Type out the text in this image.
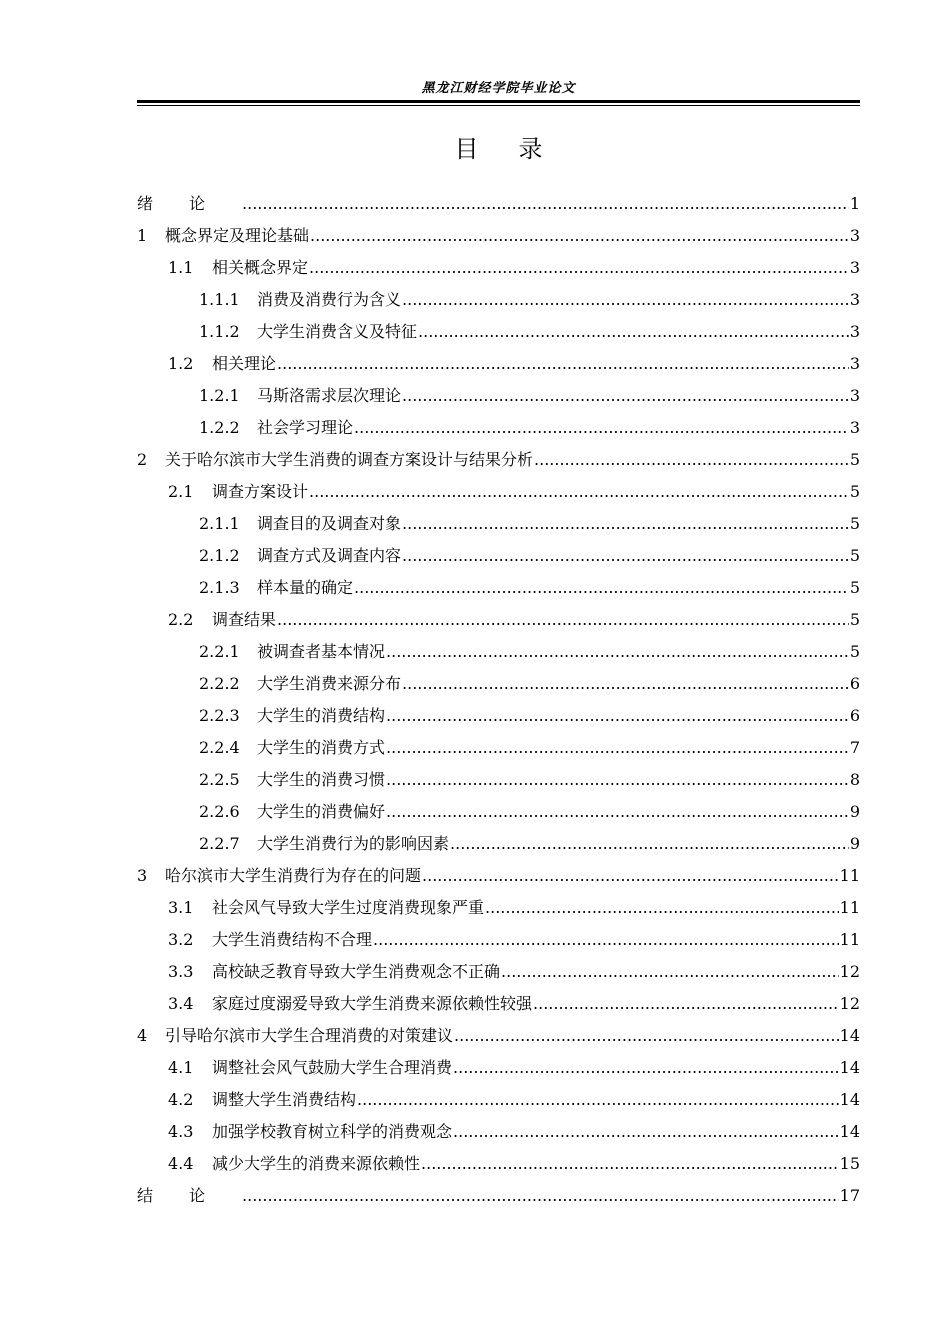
黑龙江财经学院毕业论文
目录
绪论 .....	1
1	概念界定及理论基础 .....	3
1.1	相关概念界定 .....	3
1.1.1	消费及消费行为含义 .....	3
1.1.2	大学生消费含义及特征 .....	3
1.2	相关理论 .....	3
1.2.1	马斯洛需求层次理论 .....	3
1.2.2	社会学习理论 .....	3
2	关于哈尔滨市大学生消费的调查方案设计与结果分析 .....	5
2.1	调查方案设计 .....	5
2.1.1	调查目的及调查对象 .....	5
2.1.2	调查方式及调查内容 .....	5
2.1.3	样本量的确定 .....	5
2.2	调查结果 .....	5
2.2.1	被调查者基本情况 .....	5
2.2.2	大学生消费来源分布 .....	6
2.2.3	大学生的消费结构 .....	6
2.2.4	大学生的消费方式 .....	7
2.2.5	大学生的消费习惯 .....	8
2.2.6	大学生的消费偏好 .....	9
2.2.7	大学生消费行为的影响因素 .....	9
3	哈尔滨市大学生消费行为存在的问题 .....	11
3.1	社会风气导致大学生过度消费现象严重 .....	11
3.2	大学生消费结构不合理 .....	11
3.3	高校缺乏教育导致大学生消费观念不正确 .....	12
3.4	家庭过度溺爱导致大学生消费来源依赖性较强 .....	12
4	引导哈尔滨市大学生合理消费的对策建议 .....	14
4.1	调整社会风气鼓励大学生合理消费 .....	14
4.2	调整大学生消费结构 .....	14
4.3	加强学校教育树立科学的消费观念 .....	14
4.4	减少大学生的消费来源依赖性 .....	15
结论 .....	17
